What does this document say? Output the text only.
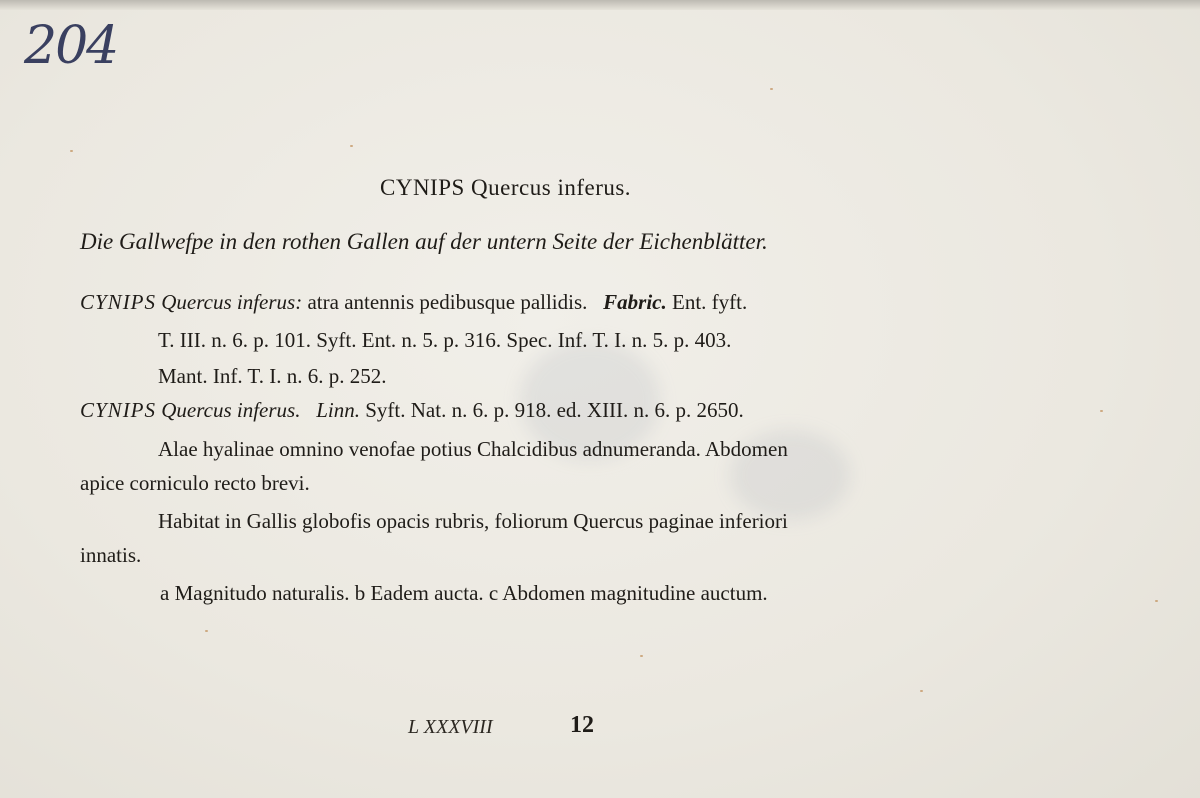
204
CYNIPS Quercus inferus.
Die Gallwefpe in den rothen Gallen auf der untern Seite der Eichenblätter.
CYNIPS Quercus inferus: atra antennis pedibusque pallidis. Fabric. Ent. fyft.
T. III. n. 6. p. 101. Syft. Ent. n. 5. p. 316. Spec. Inf. T. I. n. 5. p. 403.
Mant. Inf. T. I. n. 6. p. 252.
CYNIPS Quercus inferus. Linn. Syft. Nat. n. 6. p. 918. ed. XIII. n. 6. p. 2650.
Alae hyalinae omnino venofae potius Chalcidibus adnumeranda. Abdomen
apice corniculo recto brevi.
Habitat in Gallis globofis opacis rubris, foliorum Quercus paginae inferiori
innatis.
a Magnitudo naturalis. b Eadem aucta. c Abdomen magnitudine auctum.
L XXXVIII	12
